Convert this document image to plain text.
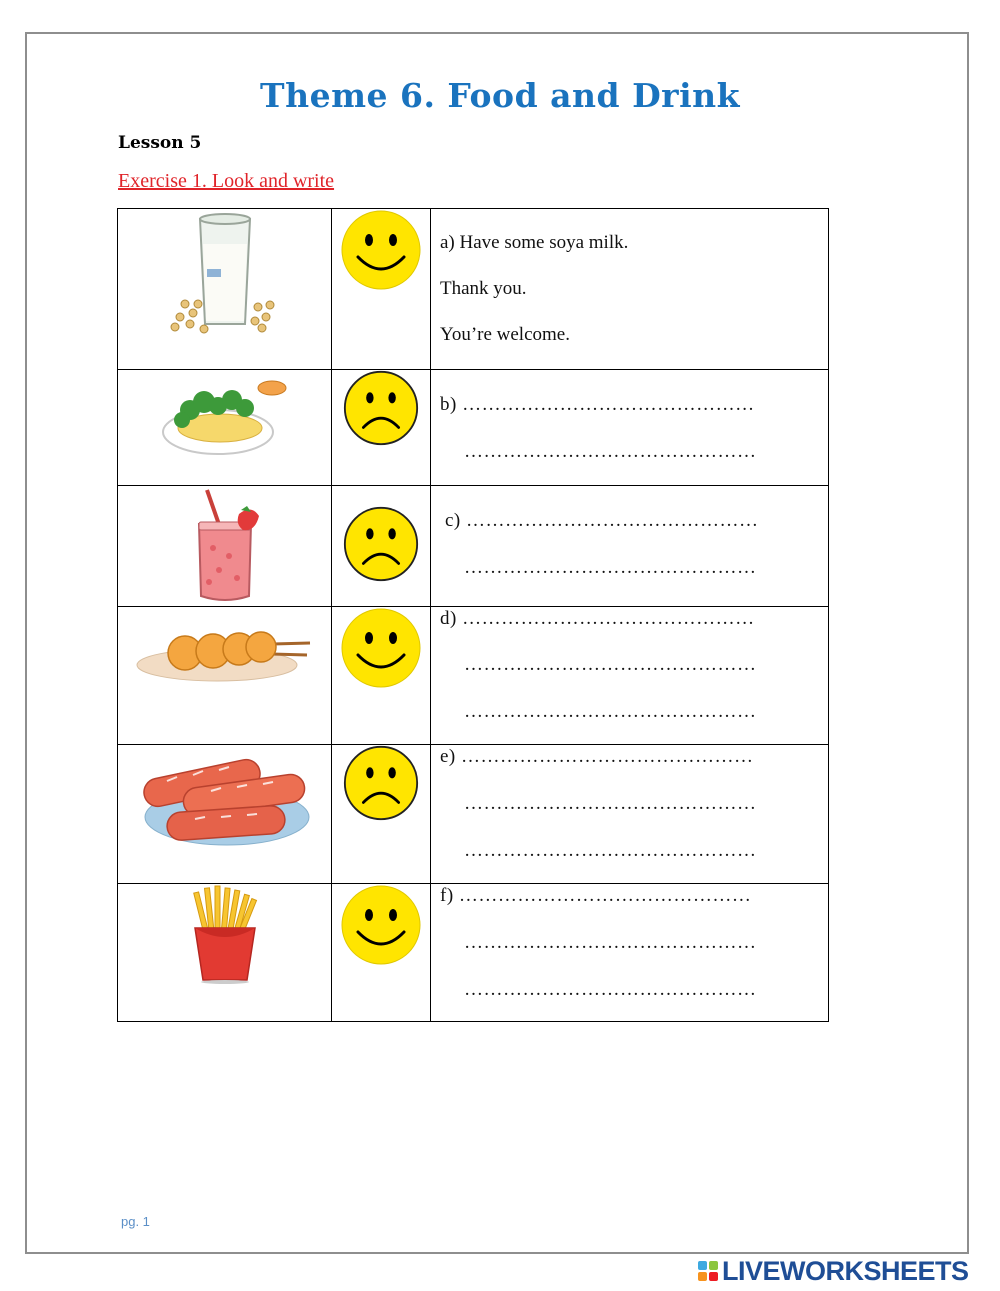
Theme 6. Food and Drink
Lesson 5
Exercise 1. Look and write

a) Have some soya milk.
Thank you.
You’re welcome.

b) ………………………………………
………………………………………

c) ………………………………………
………………………………………

d) ………………………………………
………………………………………
………………………………………

e) ………………………………………
………………………………………
………………………………………

f) ………………………………………
………………………………………
………………………………………
pg. 1
LIVEWORKSHEETS
